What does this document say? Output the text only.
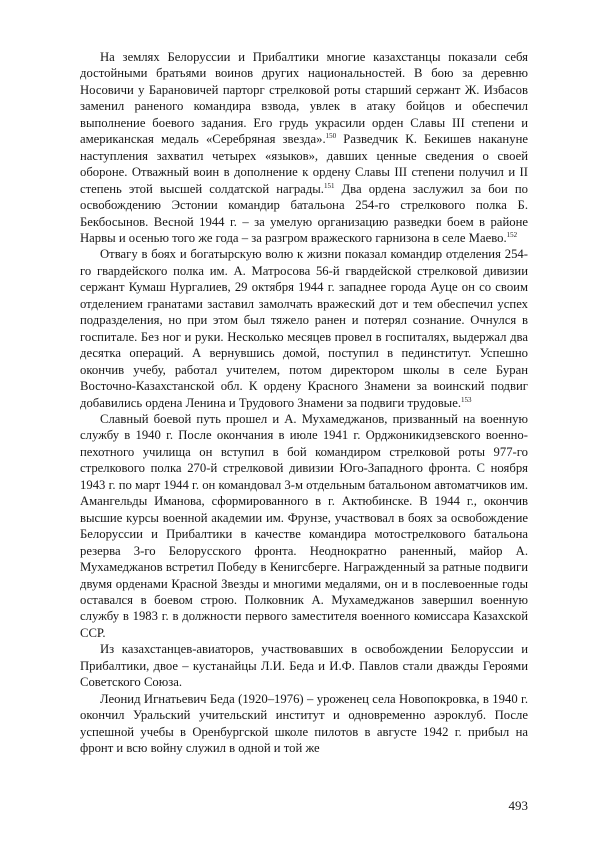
На землях Белоруссии и Прибалтики многие казахстанцы показали себя достойными братьями воинов других национальностей. В бою за деревню Носовичи у Барановичей парторг стрелковой роты старший сержант Ж. Избасов заменил раненого командира взвода, увлек в атаку бойцов и обеспечил выполнение боевого задания. Его грудь украсили орден Славы III степени и американская медаль «Серебряная звезда».$^{150}$ Разведчик К. Бекишев накануне наступления захватил четырех «языков», давших ценные сведения о своей обороне. Отважный воин в дополнение к ордену Славы III степени получил и II степень этой высшей солдатской награды.$^{151}$ Два ордена заслужил за бои по освобождению Эстонии командир батальона 254-го стрелкового полка Б. Бекбосынов. Весной 1944 г. – за умелую организацию разведки боем в районе Нарвы и осенью того же года – за разгром вражеского гарнизона в селе Маево.$^{152}$

Отвагу в боях и богатырскую волю к жизни показал командир отделения 254-го гвардейского полка им. А. Матросова 56-й гвардейской стрелковой дивизии сержант Кумаш Нургалиев, 29 октября 1944 г. западнее города Ауце он со своим отделением гранатами заставил замолчать вражеский дот и тем обеспечил успех подразделения, но при этом был тяжело ранен и потерял сознание. Очнулся в госпитале. Без ног и руки. Несколько месяцев провел в госпиталях, выдержал два десятка операций. А вернувшись домой, поступил в пединститут. Успешно окончив учебу, работал учителем, потом директором школы в селе Буран Восточно-Казахстанской обл. К ордену Красного Знамени за воинский подвиг добавились ордена Ленина и Трудового Знамени за подвиги трудовые.$^{153}$

Славный боевой путь прошел и А. Мухамеджанов, призванный на военную службу в 1940 г. После окончания в июле 1941 г. Орджоникидзевского военно-пехотного училища он вступил в бой командиром стрелковой роты 977-го стрелкового полка 270-й стрелковой дивизии Юго-Западного фронта. С ноября 1943 г. по март 1944 г. он командовал 3-м отдельным батальоном автоматчиков им. Амангельды Иманова, сформированного в г. Актюбинске. В 1944 г., окончив высшие курсы военной академии им. Фрунзе, участвовал в боях за освобождение Белоруссии и Прибалтики в качестве командира мотострелкового батальона резерва 3-го Белорусского фронта. Неоднократно раненный, майор А. Мухамеджанов встретил Победу в Кенигсберге. Награжденный за ратные подвиги двумя орденами Красной Звезды и многими медалями, он и в послевоенные годы оставался в боевом строю. Полковник А. Мухамеджанов завершил военную службу в 1983 г. в должности первого заместителя военного комиссара Казахской ССР.

Из казахстанцев-авиаторов, участвовавших в освобождении Белоруссии и Прибалтики, двое – кустанайцы Л.И. Беда и И.Ф. Павлов стали дважды Героями Советского Союза.

Леонид Игнатьевич Беда (1920–1976) – уроженец села Новопокровка, в 1940 г. окончил Уральский учительский институт и одновременно аэроклуб. После успешной учебы в Оренбургской школе пилотов в августе 1942 г. прибыл на фронт и всю войну служил в одной и той же

493
